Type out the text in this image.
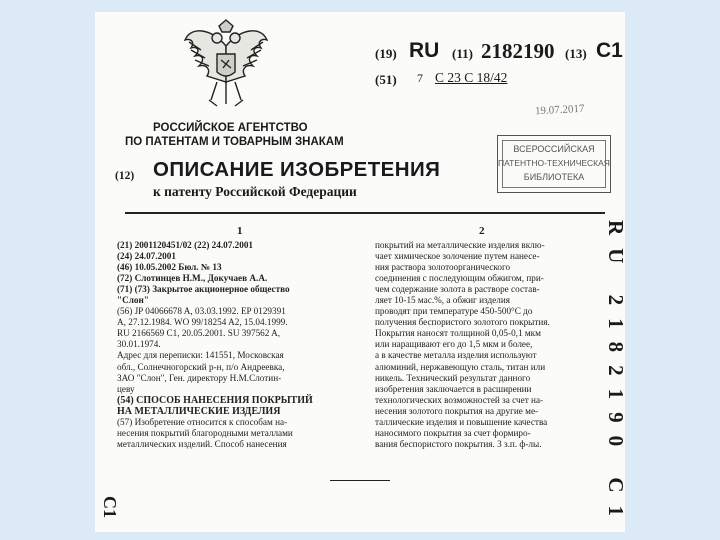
(19) RU (11) 2182190 (13) C1
(51) 7 С 23 С 18/42
19.07.2017
ВСЕРОССИЙСКАЯ
ПАТЕНТНО-ТЕХНИЧЕСКАЯ
БИБЛИОТЕКА
РОССИЙСКОЕ АГЕНТСТВО
ПО ПАТЕНТАМ И ТОВАРНЫМ ЗНАКАМ
(12) ОПИСАНИЕ ИЗОБРЕТЕНИЯ
к патенту Российской Федерации
1	2
(21) 2001120451/02 (22) 24.07.2001
(24) 24.07.2001
(46) 10.05.2002 Бюл. № 13
(72) Слотинцев Н.М., Докучаев А.А.
(71) (73) Закрытое акционерное общество
"Слон"
(56) JP 04066678 A, 03.03.1992. EP 0129391
A, 27.12.1984. WO 99/18254 A2, 15.04.1999.
RU 2166569 C1, 20.05.2001. SU 397562 A,
30.01.1974.
Адрес для переписки: 141551, Московская
обл., Солнечногорский р-н, п/о Андреевка,
ЗАО "Слон", Ген. директору Н.М.Слотин-
цеву
(54) СПОСОБ НАНЕСЕНИЯ ПОКРЫТИЙ
НА МЕТАЛЛИЧЕСКИЕ ИЗДЕЛИЯ
(57) Изобретение относится к способам на-
несения покрытий благородными металлами
металлических изделий. Способ нанесения
покрытий на металлические изделия вклю-
чает химическое золочение путем нанесе-
ния раствора золотоорганического
соединения с последующим обжигом, при-
чем содержание золота в растворе состав-
ляет 10-15 мас.%, а обжиг изделия
проводят при температуре 450-500°С до
получения беспористого золотого покрытия.
Покрытия наносят толщиной 0,05-0,1 мкм
или наращивают его до 1,5 мкм и более,
а в качестве металла изделия используют
алюминий, нержавеющую сталь, титан или
никель. Технический результат данного
изобретения заключается в расширении
технологических возможностей за счет на-
несения золотого покрытия на другие ме-
таллические изделия и повышение качества
наносимого покрытия за счет формиро-
вания беспористого покрытия. 3 з.п. ф-лы.	RU 2182190 C1
C1
